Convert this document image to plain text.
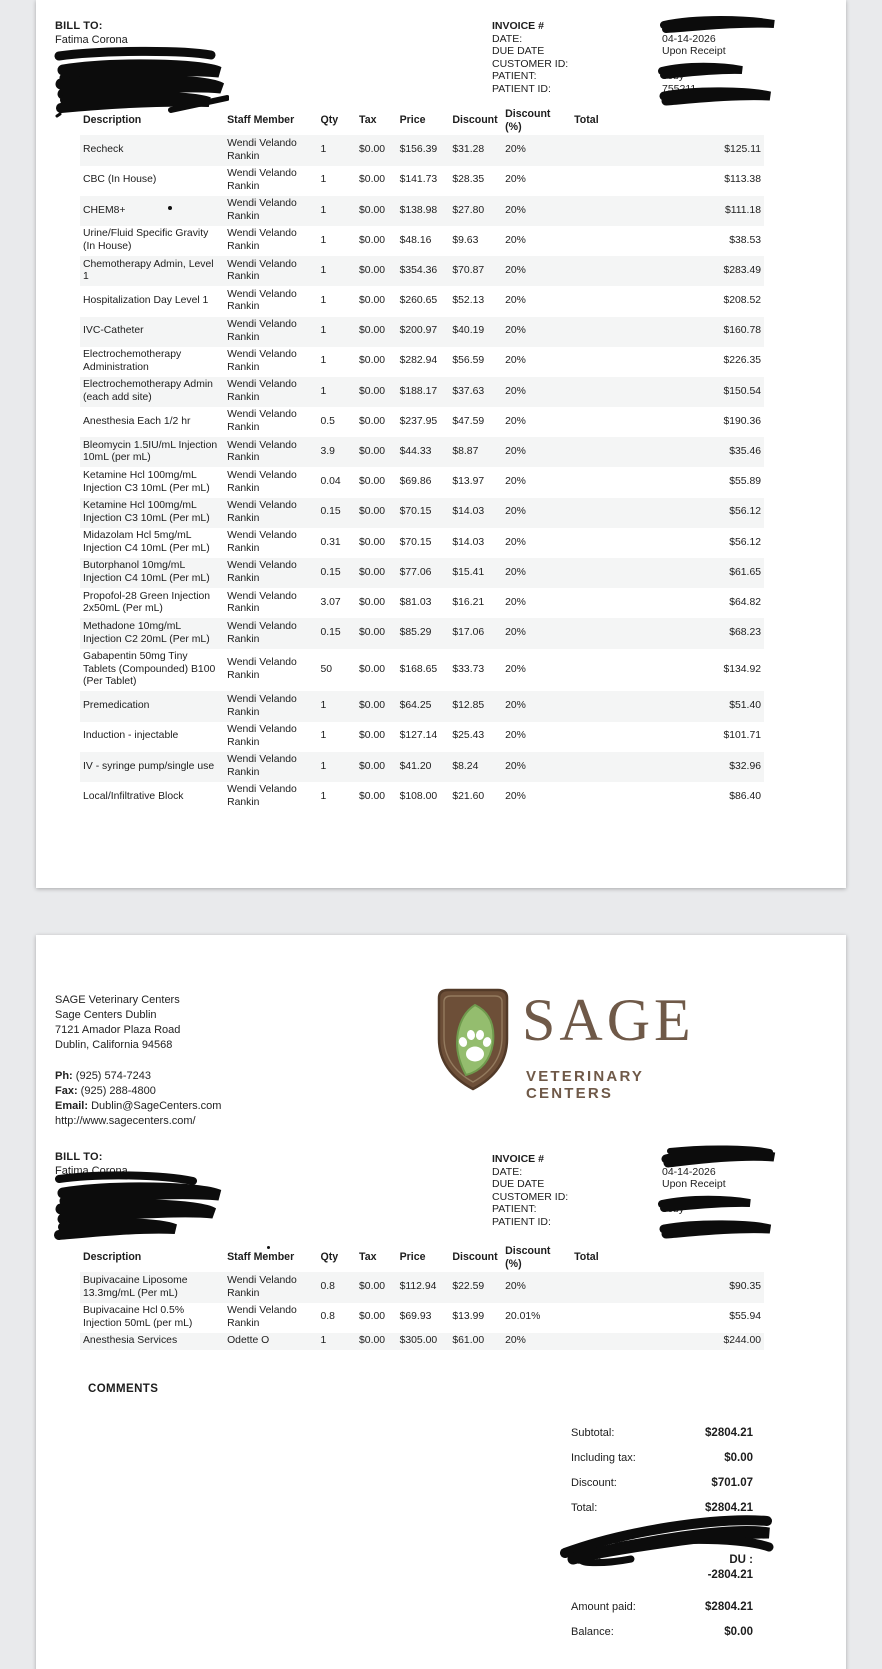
BILL TO:
Fatima Corona
INVOICE #
DATE:	04-14-2026
DUE DATE	Upon Receipt
CUSTOMER ID:
PATIENT:	Toby
PATIENT ID:	755211
Description	Staff Member	Qty	Tax	Price	Discount	Discount (%)	Total
Recheck	Wendi Velando Rankin	1	$0.00	$156.39	$31.28	20%	$125.11
CBC (In House)	Wendi Velando Rankin	1	$0.00	$141.73	$28.35	20%	$113.38
CHEM8+	Wendi Velando Rankin	1	$0.00	$138.98	$27.80	20%	$111.18
Urine/Fluid Specific Gravity (In House)	Wendi Velando Rankin	1	$0.00	$48.16	$9.63	20%	$38.53
Chemotherapy Admin, Level 1	Wendi Velando Rankin	1	$0.00	$354.36	$70.87	20%	$283.49
Hospitalization Day Level 1	Wendi Velando Rankin	1	$0.00	$260.65	$52.13	20%	$208.52
IVC-Catheter	Wendi Velando Rankin	1	$0.00	$200.97	$40.19	20%	$160.78
Electrochemotherapy Administration	Wendi Velando Rankin	1	$0.00	$282.94	$56.59	20%	$226.35
Electrochemotherapy Admin (each add site)	Wendi Velando Rankin	1	$0.00	$188.17	$37.63	20%	$150.54
Anesthesia Each 1/2 hr	Wendi Velando Rankin	0.5	$0.00	$237.95	$47.59	20%	$190.36
Bleomycin 1.5IU/mL Injection 10mL (per mL)	Wendi Velando Rankin	3.9	$0.00	$44.33	$8.87	20%	$35.46
Ketamine Hcl 100mg/mL Injection C3 10mL (Per mL)	Wendi Velando Rankin	0.04	$0.00	$69.86	$13.97	20%	$55.89
Ketamine Hcl 100mg/mL Injection C3 10mL (Per mL)	Wendi Velando Rankin	0.15	$0.00	$70.15	$14.03	20%	$56.12
Midazolam Hcl 5mg/mL Injection C4 10mL (Per mL)	Wendi Velando Rankin	0.31	$0.00	$70.15	$14.03	20%	$56.12
Butorphanol 10mg/mL Injection C4 10mL (Per mL)	Wendi Velando Rankin	0.15	$0.00	$77.06	$15.41	20%	$61.65
Propofol-28 Green Injection 2x50mL (Per mL)	Wendi Velando Rankin	3.07	$0.00	$81.03	$16.21	20%	$64.82
Methadone 10mg/mL Injection C2 20mL (Per mL)	Wendi Velando Rankin	0.15	$0.00	$85.29	$17.06	20%	$68.23
Gabapentin 50mg Tiny Tablets (Compounded) B100 (Per Tablet)	Wendi Velando Rankin	50	$0.00	$168.65	$33.73	20%	$134.92
Premedication	Wendi Velando Rankin	1	$0.00	$64.25	$12.85	20%	$51.40
Induction - injectable	Wendi Velando Rankin	1	$0.00	$127.14	$25.43	20%	$101.71
IV - syringe pump/single use	Wendi Velando Rankin	1	$0.00	$41.20	$8.24	20%	$32.96
Local/Infiltrative Block	Wendi Velando Rankin	1	$0.00	$108.00	$21.60	20%	$86.40
SAGE Veterinary Centers
Sage Centers Dublin
7121 Amador Plaza Road
Dublin, California 94568
Ph: (925) 574-7243
Fax: (925) 288-4800
Email: Dublin@SageCenters.com
http://www.sagecenters.com/
SAGE
VETERINARY CENTERS
BILL TO:
Fatima Corona
INVOICE #
DATE:	04-14-2026
DUE DATE	Upon Receipt
CUSTOMER ID:
PATIENT:	Toby
PATIENT ID:
Description	Staff Member	Qty	Tax	Price	Discount	Discount (%)	Total
Bupivacaine Liposome 13.3mg/mL (Per mL)	Wendi Velando Rankin	0.8	$0.00	$112.94	$22.59	20%	$90.35
Bupivacaine Hcl 0.5% Injection 50mL (per mL)	Wendi Velando Rankin	0.8	$0.00	$69.93	$13.99	20.01%	$55.94
Anesthesia Services	Odette O	1	$0.00	$305.00	$61.00	20%	$244.00
COMMENTS
Subtotal:	$2804.21
Including tax:	$0.00
Discount:	$701.07
Total:	$2804.21
metho	DU :
-2804.21
Amount paid:	$2804.21
Balance:	$0.00
